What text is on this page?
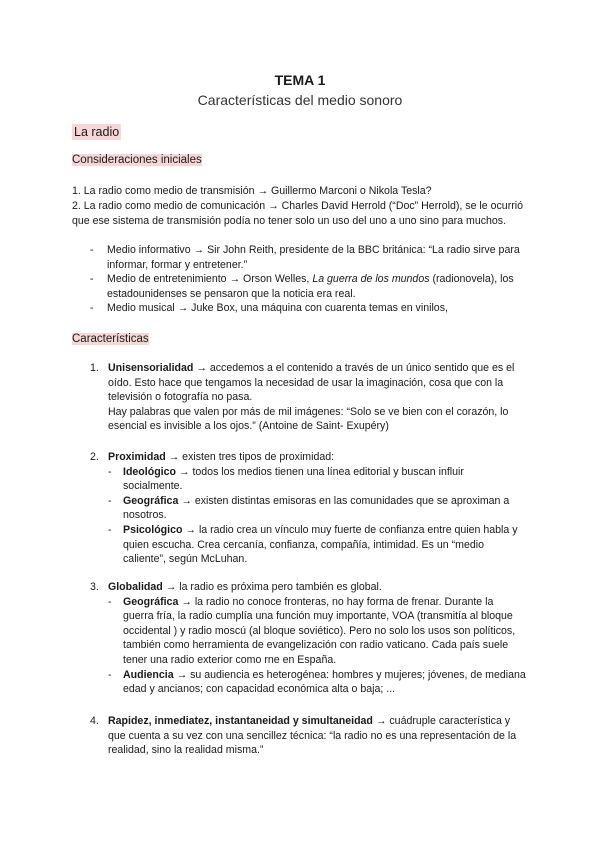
TEMA 1
Características del medio sonoro
La radio
Consideraciones iniciales
1. La radio como medio de transmisión → Guillermo Marconi o Nikola Tesla?
2. La radio como medio de comunicación → Charles David Herrold (“Doc” Herrold), se le ocurrió que ese sistema de transmisión podía no tener solo un uso del uno a uno sino para muchos.
- Medio informativo → Sir John Reith, presidente de la BBC británica: “La radio sirve para informar, formar y entretener.”
- Medio de entretenimiento → Orson Welles, La guerra de los mundos (radionovela), los estadounidenses se pensaron que la noticia era real.
- Medio musical → Juke Box, una máquina con cuarenta temas en vinilos,
Características
1. Unisensorialidad → accedemos a el contenido a través de un único sentido que es el oído. Esto hace que tengamos la necesidad de usar la imaginación, cosa que con la televisión o fotografía no pasa.
Hay palabras que valen por más de mil imágenes: “Solo se ve bien con el corazón, lo esencial es invisible a los ojos.” (Antoine de Saint- Exupéry)
2. Proximidad → existen tres tipos de proximidad:
- Ideológico → todos los medios tienen una línea editorial y buscan influir socialmente.
- Geográfica → existen distintas emisoras en las comunidades que se aproximan a nosotros.
- Psicológico → la radio crea un vínculo muy fuerte de confianza entre quien habla y quien escucha. Crea cercanía, confianza, compañía, intimidad. Es un “medio caliente”, según McLuhan.
3. Globalidad → la radio es próxima pero también es global.
- Geográfica → la radio no conoce fronteras, no hay forma de frenar. Durante la guerra fría, la radio cumplía una función muy importante, VOA (transmitía al bloque occidental ) y radio moscú (al bloque soviético). Pero no solo los usos son políticos, también como herramienta de evangelización con radio vaticano. Cada país suele tener una radio exterior como rne en España.
- Audiencia → su audiencia es heterogénea: hombres y mujeres; jóvenes, de mediana edad y ancianos; con capacidad económica alta o baja; ...
4. Rapidez, inmediatez, instantaneidad y simultaneidad → cuádruple característica y que cuenta a su vez con una sencillez técnica: “la radio no es una representación de la realidad, sino la realidad misma.”
